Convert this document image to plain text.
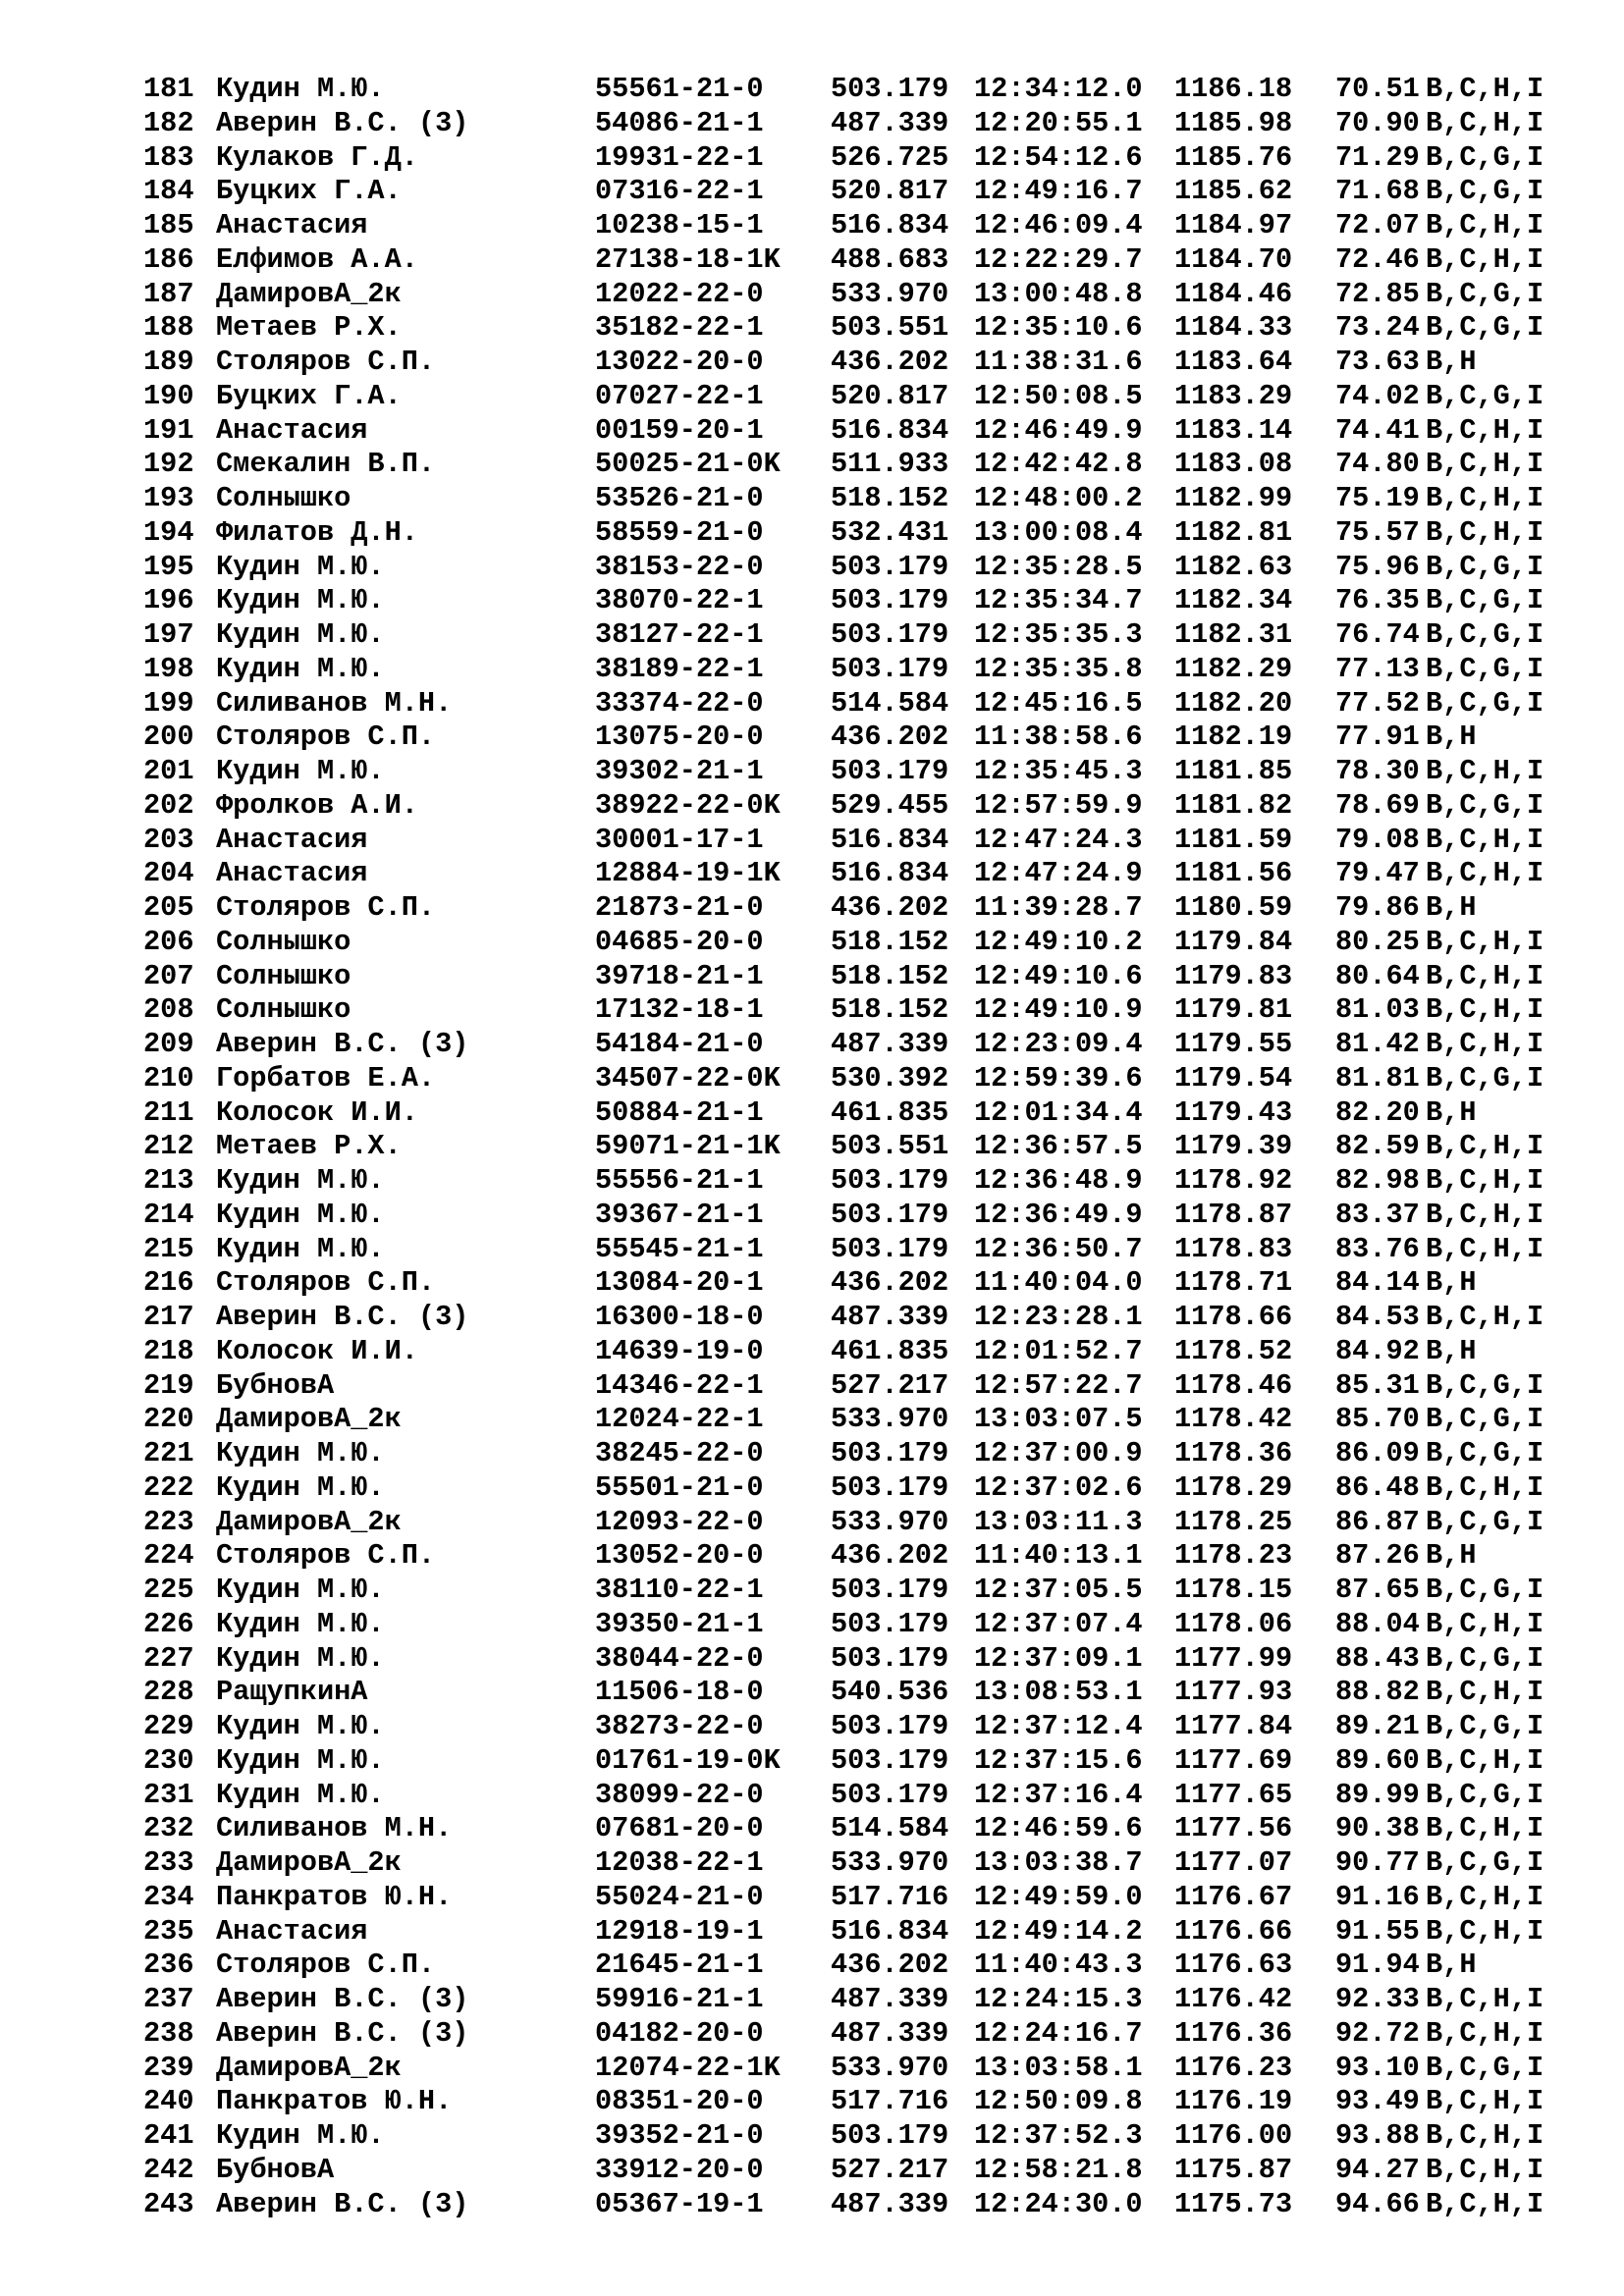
181 Кудин М.Ю.	55561-21-0 503.179 12:34:12.0 1186.18 70.51 B,C,H,I
182 Аверин В.С. (3)	54086-21-1 487.339 12:20:55.1 1185.98 70.90 B,C,H,I
183 Кулаков Г.Д.	19931-22-1 526.725 12:54:12.6 1185.76 71.29 B,C,G,I
184 Буцких Г.А.	07316-22-1 520.817 12:49:16.7 1185.62 71.68 B,C,G,I
185 Анастасия	10238-15-1 516.834 12:46:09.4 1184.97 72.07 B,C,H,I
186 Елфимов А.А.	27138-18-1K 488.683 12:22:29.7 1184.70 72.46 B,C,H,I
187 ДамировА_2к	12022-22-0 533.970 13:00:48.8 1184.46 72.85 B,C,G,I
188 Метаев Р.Х.	35182-22-1 503.551 12:35:10.6 1184.33 73.24 B,C,G,I
189 Столяров С.П.	13022-20-0 436.202 11:38:31.6 1183.64 73.63 B,H
190 Буцких Г.А.	07027-22-1 520.817 12:50:08.5 1183.29 74.02 B,C,G,I
191 Анастасия	00159-20-1 516.834 12:46:49.9 1183.14 74.41 B,C,H,I
192 Смекалин В.П.	50025-21-0K 511.933 12:42:42.8 1183.08 74.80 B,C,H,I
193 Солнышко	53526-21-0 518.152 12:48:00.2 1182.99 75.19 B,C,H,I
194 Филатов Д.Н.	58559-21-0 532.431 13:00:08.4 1182.81 75.57 B,C,H,I
195 Кудин М.Ю.	38153-22-0 503.179 12:35:28.5 1182.63 75.96 B,C,G,I
196 Кудин М.Ю.	38070-22-1 503.179 12:35:34.7 1182.34 76.35 B,C,G,I
197 Кудин М.Ю.	38127-22-1 503.179 12:35:35.3 1182.31 76.74 B,C,G,I
198 Кудин М.Ю.	38189-22-1 503.179 12:35:35.8 1182.29 77.13 B,C,G,I
199 Силиванов М.Н.	33374-22-0 514.584 12:45:16.5 1182.20 77.52 B,C,G,I
200 Столяров С.П.	13075-20-0 436.202 11:38:58.6 1182.19 77.91 B,H
201 Кудин М.Ю.	39302-21-1 503.179 12:35:45.3 1181.85 78.30 B,C,H,I
202 Фролков А.И.	38922-22-0K 529.455 12:57:59.9 1181.82 78.69 B,C,G,I
203 Анастасия	30001-17-1 516.834 12:47:24.3 1181.59 79.08 B,C,H,I
204 Анастасия	12884-19-1K 516.834 12:47:24.9 1181.56 79.47 B,C,H,I
205 Столяров С.П.	21873-21-0 436.202 11:39:28.7 1180.59 79.86 B,H
206 Солнышко	04685-20-0 518.152 12:49:10.2 1179.84 80.25 B,C,H,I
207 Солнышко	39718-21-1 518.152 12:49:10.6 1179.83 80.64 B,C,H,I
208 Солнышко	17132-18-1 518.152 12:49:10.9 1179.81 81.03 B,C,H,I
209 Аверин В.С. (3)	54184-21-0 487.339 12:23:09.4 1179.55 81.42 B,C,H,I
210 Горбатов Е.А.	34507-22-0K 530.392 12:59:39.6 1179.54 81.81 B,C,G,I
211 Колосок И.И.	50884-21-1 461.835 12:01:34.4 1179.43 82.20 B,H
212 Метаев Р.Х.	59071-21-1K 503.551 12:36:57.5 1179.39 82.59 B,C,H,I
213 Кудин М.Ю.	55556-21-1 503.179 12:36:48.9 1178.92 82.98 B,C,H,I
214 Кудин М.Ю.	39367-21-1 503.179 12:36:49.9 1178.87 83.37 B,C,H,I
215 Кудин М.Ю.	55545-21-1 503.179 12:36:50.7 1178.83 83.76 B,C,H,I
216 Столяров С.П.	13084-20-1 436.202 11:40:04.0 1178.71 84.14 B,H
217 Аверин В.С. (3)	16300-18-0 487.339 12:23:28.1 1178.66 84.53 B,C,H,I
218 Колосок И.И.	14639-19-0 461.835 12:01:52.7 1178.52 84.92 B,H
219 БубновА	14346-22-1 527.217 12:57:22.7 1178.46 85.31 B,C,G,I
220 ДамировА_2к	12024-22-1 533.970 13:03:07.5 1178.42 85.70 B,C,G,I
221 Кудин М.Ю.	38245-22-0 503.179 12:37:00.9 1178.36 86.09 B,C,G,I
222 Кудин М.Ю.	55501-21-0 503.179 12:37:02.6 1178.29 86.48 B,C,H,I
223 ДамировА_2к	12093-22-0 533.970 13:03:11.3 1178.25 86.87 B,C,G,I
224 Столяров С.П.	13052-20-0 436.202 11:40:13.1 1178.23 87.26 B,H
225 Кудин М.Ю.	38110-22-1 503.179 12:37:05.5 1178.15 87.65 B,C,G,I
226 Кудин М.Ю.	39350-21-1 503.179 12:37:07.4 1178.06 88.04 B,C,H,I
227 Кудин М.Ю.	38044-22-0 503.179 12:37:09.1 1177.99 88.43 B,C,G,I
228 РащупкинА	11506-18-0 540.536 13:08:53.1 1177.93 88.82 B,C,H,I
229 Кудин М.Ю.	38273-22-0 503.179 12:37:12.4 1177.84 89.21 B,C,G,I
230 Кудин М.Ю.	01761-19-0K 503.179 12:37:15.6 1177.69 89.60 B,C,H,I
231 Кудин М.Ю.	38099-22-0 503.179 12:37:16.4 1177.65 89.99 B,C,G,I
232 Силиванов М.Н.	07681-20-0 514.584 12:46:59.6 1177.56 90.38 B,C,H,I
233 ДамировА_2к	12038-22-1 533.970 13:03:38.7 1177.07 90.77 B,C,G,I
234 Панкратов Ю.Н.	55024-21-0 517.716 12:49:59.0 1176.67 91.16 B,C,H,I
235 Анастасия	12918-19-1 516.834 12:49:14.2 1176.66 91.55 B,C,H,I
236 Столяров С.П.	21645-21-1 436.202 11:40:43.3 1176.63 91.94 B,H
237 Аверин В.С. (3)	59916-21-1 487.339 12:24:15.3 1176.42 92.33 B,C,H,I
238 Аверин В.С. (3)	04182-20-0 487.339 12:24:16.7 1176.36 92.72 B,C,H,I
239 ДамировА_2к	12074-22-1K 533.970 13:03:58.1 1176.23 93.10 B,C,G,I
240 Панкратов Ю.Н.	08351-20-0 517.716 12:50:09.8 1176.19 93.49 B,C,H,I
241 Кудин М.Ю.	39352-21-0 503.179 12:37:52.3 1176.00 93.88 B,C,H,I
242 БубновА	33912-20-0 527.217 12:58:21.8 1175.87 94.27 B,C,H,I
243 Аверин В.С. (3)	05367-19-1 487.339 12:24:30.0 1175.73 94.66 B,C,H,I
